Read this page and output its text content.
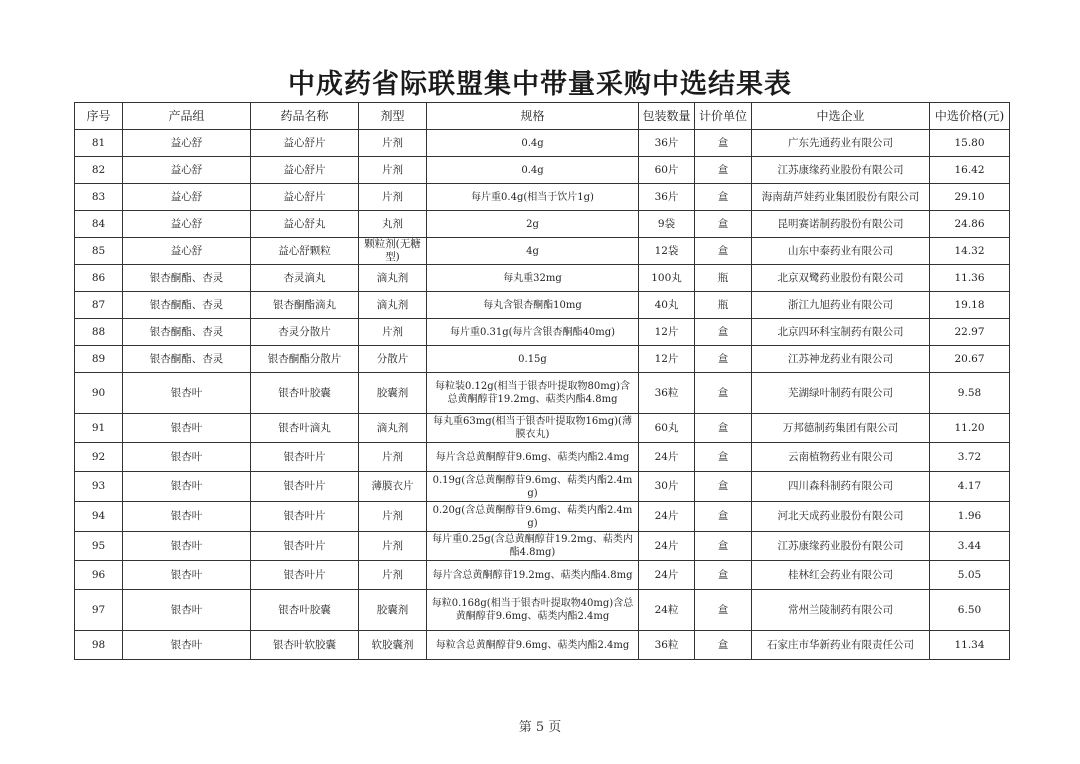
中成药省际联盟集中带量采购中选结果表
序号	产品组	药品名称	剂型	规格	包装数量	计价单位	中选企业	中选价格(元)
81	益心舒	益心舒片	片剂	0.4g	36片	盒	广东先通药业有限公司	15.80
82	益心舒	益心舒片	片剂	0.4g	60片	盒	江苏康缘药业股份有限公司	16.42
83	益心舒	益心舒片	片剂	每片重0.4g(相当于饮片1g)	36片	盒	海南葫芦娃药业集团股份有限公司	29.10
84	益心舒	益心舒丸	丸剂	2g	9袋	盒	昆明赛诺制药股份有限公司	24.86
85	益心舒	益心舒颗粒	颗粒剂(无糖型)	4g	12袋	盒	山东中泰药业有限公司	14.32
86	银杏酮酯、杏灵	杏灵滴丸	滴丸剂	每丸重32mg	100丸	瓶	北京双鹭药业股份有限公司	11.36
87	银杏酮酯、杏灵	银杏酮酯滴丸	滴丸剂	每丸含银杏酮酯10mg	40丸	瓶	浙江九旭药业有限公司	19.18
88	银杏酮酯、杏灵	杏灵分散片	片剂	每片重0.31g(每片含银杏酮酯40mg)	12片	盒	北京四环科宝制药有限公司	22.97
89	银杏酮酯、杏灵	银杏酮酯分散片	分散片	0.15g	12片	盒	江苏神龙药业有限公司	20.67
90	银杏叶	银杏叶胶囊	胶囊剂	每粒装0.12g(相当于银杏叶提取物80mg)含总黄酮醇苷19.2mg、萜类内酯4.8mg	36粒	盒	芜湖绿叶制药有限公司	9.58
91	银杏叶	银杏叶滴丸	滴丸剂	每丸重63mg(相当于银杏叶提取物16mg)(薄膜衣丸)	60丸	盒	万邦德制药集团有限公司	11.20
92	银杏叶	银杏叶片	片剂	每片含总黄酮醇苷9.6mg、萜类内酯2.4mg	24片	盒	云南植物药业有限公司	3.72
93	银杏叶	银杏叶片	薄膜衣片	0.19g(含总黄酮醇苷9.6mg、萜类内酯2.4mg)	30片	盒	四川森科制药有限公司	4.17
94	银杏叶	银杏叶片	片剂	0.20g(含总黄酮醇苷9.6mg、萜类内酯2.4mg)	24片	盒	河北天成药业股份有限公司	1.96
95	银杏叶	银杏叶片	片剂	每片重0.25g(含总黄酮醇苷19.2mg、萜类内酯4.8mg)	24片	盒	江苏康缘药业股份有限公司	3.44
96	银杏叶	银杏叶片	片剂	每片含总黄酮醇苷19.2mg、萜类内酯4.8mg	24片	盒	桂林红会药业有限公司	5.05
97	银杏叶	银杏叶胶囊	胶囊剂	每粒0.168g(相当于银杏叶提取物40mg)含总黄酮醇苷9.6mg、萜类内酯2.4mg	24粒	盒	常州兰陵制药有限公司	6.50
98	银杏叶	银杏叶软胶囊	软胶囊剂	每粒含总黄酮醇苷9.6mg、萜类内酯2.4mg	36粒	盒	石家庄市华新药业有限责任公司	11.34
第 5 页
